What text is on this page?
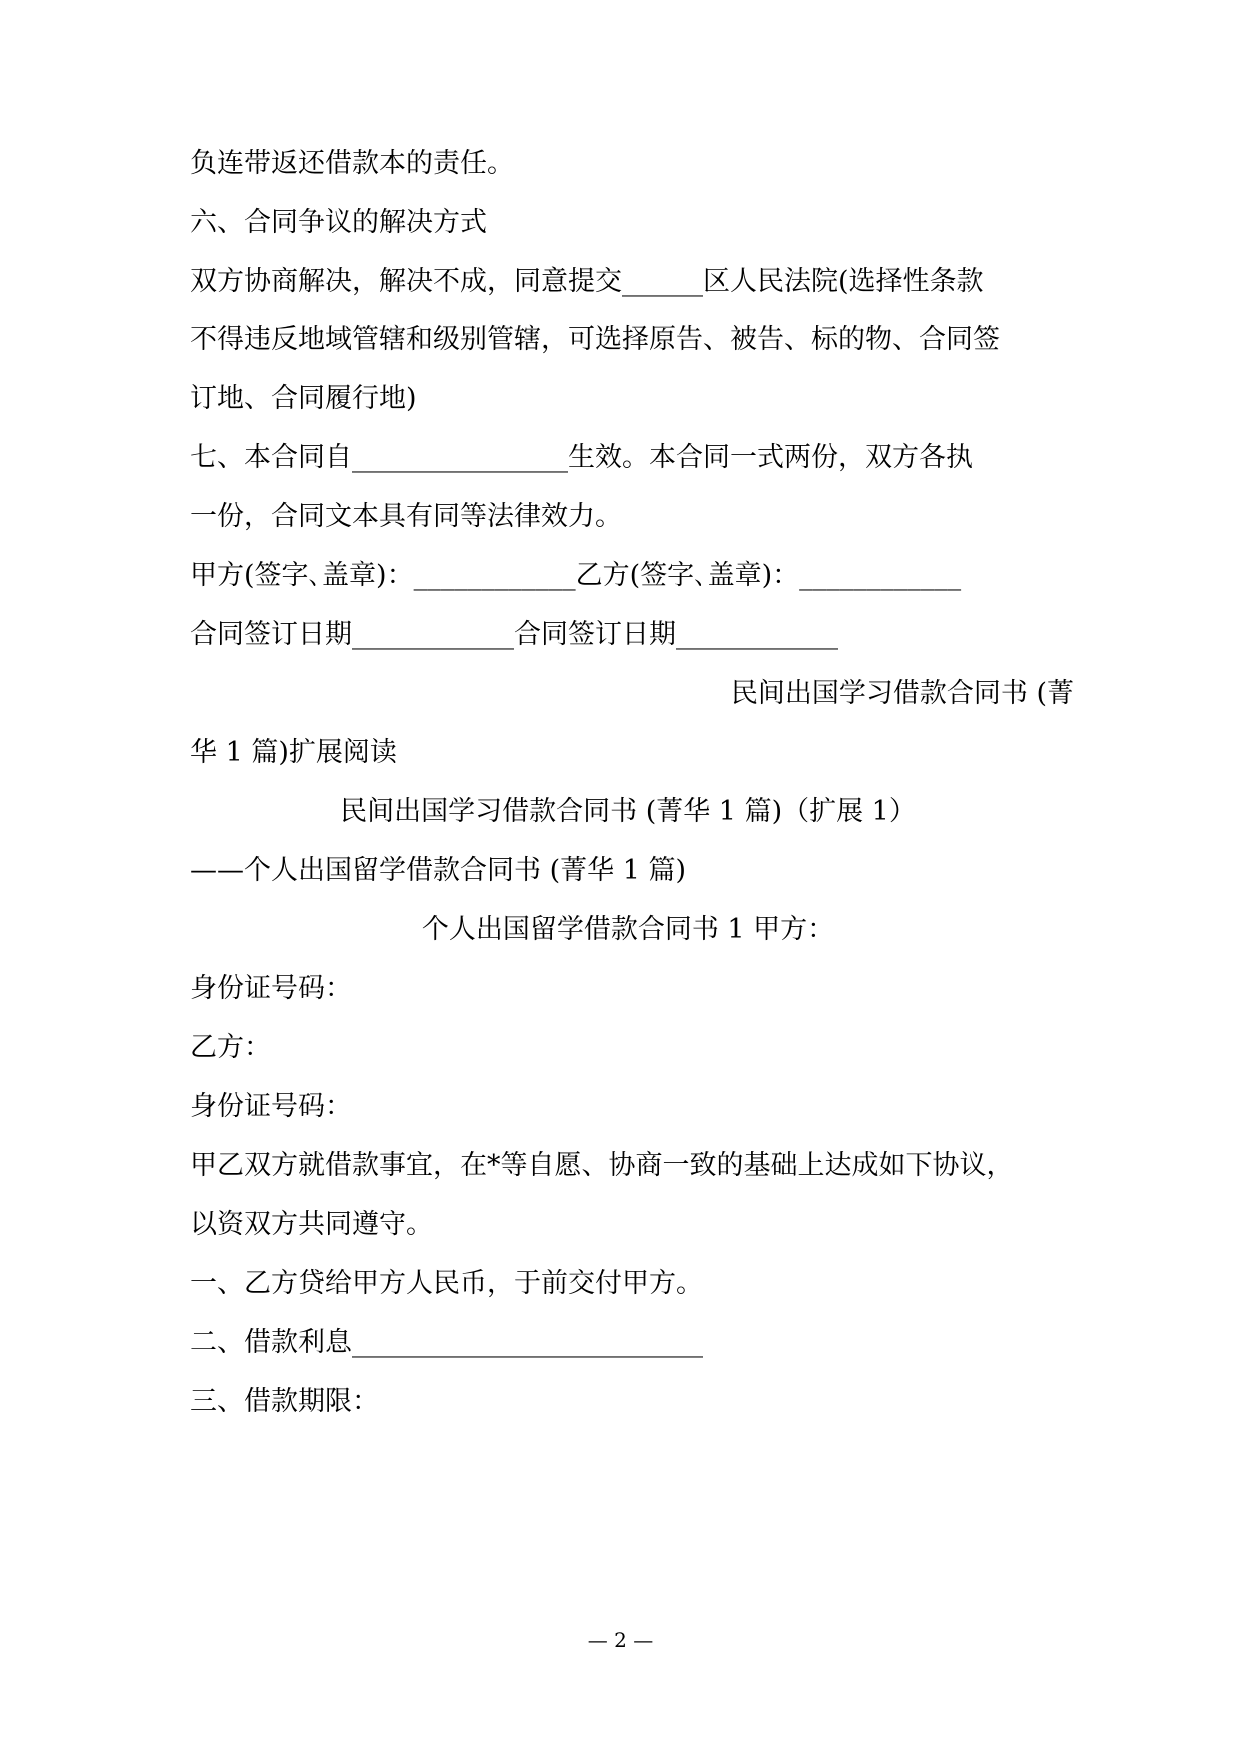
负连带返还借款本的责任。
六、合同争议的解决方式
双方协商解决，解决不成，同意提交______区人民法院(选择性条款
不得违反地域管辖和级别管辖，可选择原告、被告、标的物、合同签
订地、合同履行地)
七、本合同自________________生效。本合同一式两份，双方各执
一份，合同文本具有同等法律效力。
甲方(签字､盖章)：____________乙方(签字､盖章)：____________
合同签订日期____________合同签订日期____________
民间出国学习借款合同书 (菁
华 1 篇)扩展阅读
民间出国学习借款合同书 (菁华 1 篇)（扩展 1）
——个人出国留学借款合同书 (菁华 1 篇)
个人出国留学借款合同书 1 甲方：
身份证号码：
乙方：
身份证号码：
甲乙双方就借款事宜，在*等自愿、协商一致的基础上达成如下协议，
以资双方共同遵守。
一、乙方贷给甲方人民币，于前交付甲方。
二、借款利息__________________________
三、借款期限：
— 2 —
